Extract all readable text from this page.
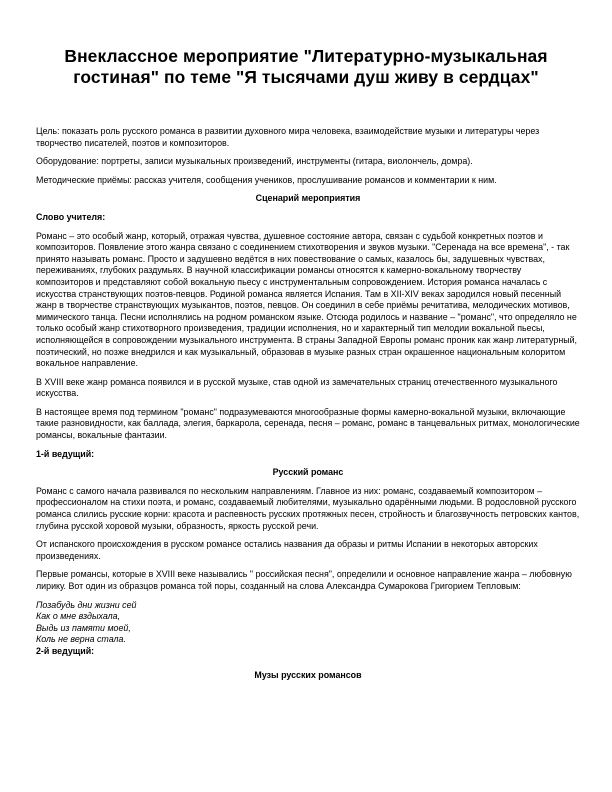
Внеклассное мероприятие "Литературно-музыкальная гостиная" по теме "Я тысячами душ живу в сердцах"

Цель: показать роль русского романса в развитии духовного мира человека, взаимодействие музыки и литературы через творчество писателей, поэтов и композиторов.

Оборудование: портреты, записи музыкальных произведений, инструменты (гитара, виолончель, домра).

Методические приёмы: рассказ учителя, сообщения учеников, прослушивание романсов и комментарии к ним.

Сценарий мероприятия

Слово учителя:

Романс – это особый жанр, который, отражая чувства, душевное состояние автора, связан с судьбой конкретных поэтов и композиторов. Появление этого жанра связано с соединением стихотворения и звуков музыки. "Серенада на все времена", - так принято называть романс. Просто и задушевно ведётся в них повествование о самых, казалось бы, задушевных чувствах, переживаниях, глубоких раздумьях. В научной классификации романсы относятся к камерно-вокальному творчеству композиторов и представляют собой вокальную пьесу с инструментальным сопровождением. История романса началась с искусства странствующих поэтов-певцов. Родиной романса является Испания. Там в XII-XIV веках зародился новый песенный жанр в творчестве странствующих музыкантов, поэтов, певцов. Он соединил в себе приёмы речитатива, мелодических мотивов, мимического танца. Песни исполнялись на родном романском языке. Отсюда родилось и название – "романс", что определяло не только особый жанр стихотворного произведения, традиции исполнения, но и характерный тип мелодии вокальной пьесы, исполняющейся в сопровождении музыкального инструмента. В страны Западной Европы романс проник как жанр литературный, поэтический, но позже внедрился и как музыкальный, образовав в музыке разных стран окрашенное национальным колоритом вокальное направление.

В XVIII веке жанр романса появился и в русской музыке, став одной из замечательных страниц отечественного музыкального искусства.

В настоящее время под термином "романс" подразумеваются многообразные формы камерно-вокальной музыки, включающие такие разновидности, как баллада, элегия, баркарола, серенада, песня – романс, романс в танцевальных ритмах, монологические романсы, вокальные фантазии.

1-й ведущий:

Русский романс

Романс с самого начала развивался по нескольким направлениям. Главное из них: романс, создаваемый композитором – профессионалом на стихи поэта, и романс, создаваемый любителями, музыкально одарёнными людьми. В родословной русского романса слились русские корни: красота и распевность русских протяжных песен, стройность и благозвучность петровских кантов, глубина русской хоровой музыки, образность, яркость русской речи.

От испанского происхождения в русском романсе остались названия да образы и ритмы Испании в некоторых авторских произведениях.

Первые романсы, которые в XVIII веке назывались " российская песня", определили и основное направление жанра – любовную лирику. Вот один из образцов романса той поры, созданный на слова Александра Сумарокова Григорием Тепловым:

Позабудь дни жизни сей
Как о мне вздыхала,
Выдь из памяти моей,
Коль не верна стала.

2-й ведущий:

Музы русских романсов
